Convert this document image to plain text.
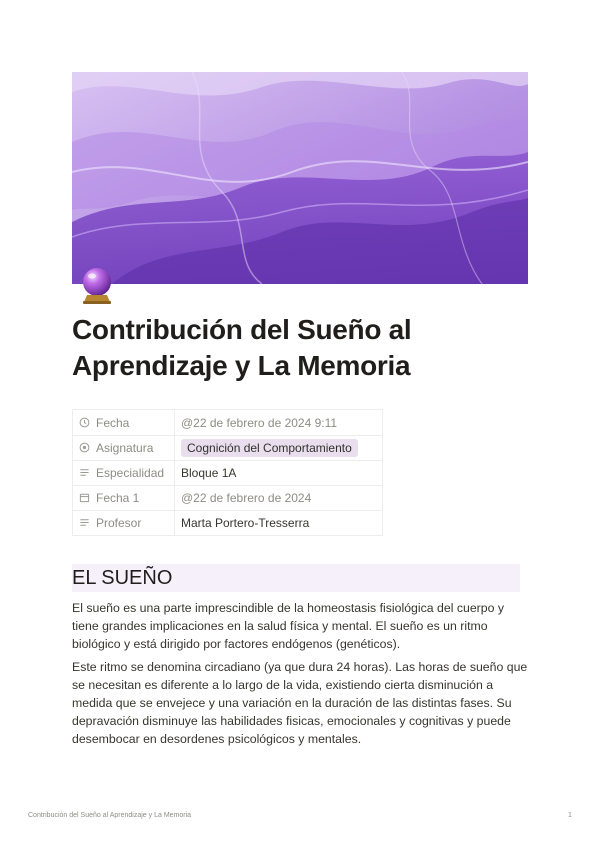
Contribución del Sueño al Aprendizaje y La Memoria
Fecha	@22 de febrero de 2024 9:11
Asignatura	Cognición del Comportamiento
Especialidad	Bloque 1A
Fecha 1	@22 de febrero de 2024
Profesor	Marta Portero-Tresserra
EL SUEÑO

El sueño es una parte imprescindible de la homeostasis fisiológica del cuerpo y tiene grandes implicaciones en la salud física y mental. El sueño es un ritmo biológico y está dirigido por factores endógenos (genéticos).

Este ritmo se denomina circadiano (ya que dura 24 horas). Las horas de sueño que se necesitan es diferente a lo largo de la vida, existiendo cierta disminución a medida que se envejece y una variación en la duración de las distintas fases. Su depravación disminuye las habilidades fisicas, emocionales y cognitivas y puede desembocar en desordenes psicológicos y mentales.

Contribución del Sueño al Aprendizaje y La Memoria	1
